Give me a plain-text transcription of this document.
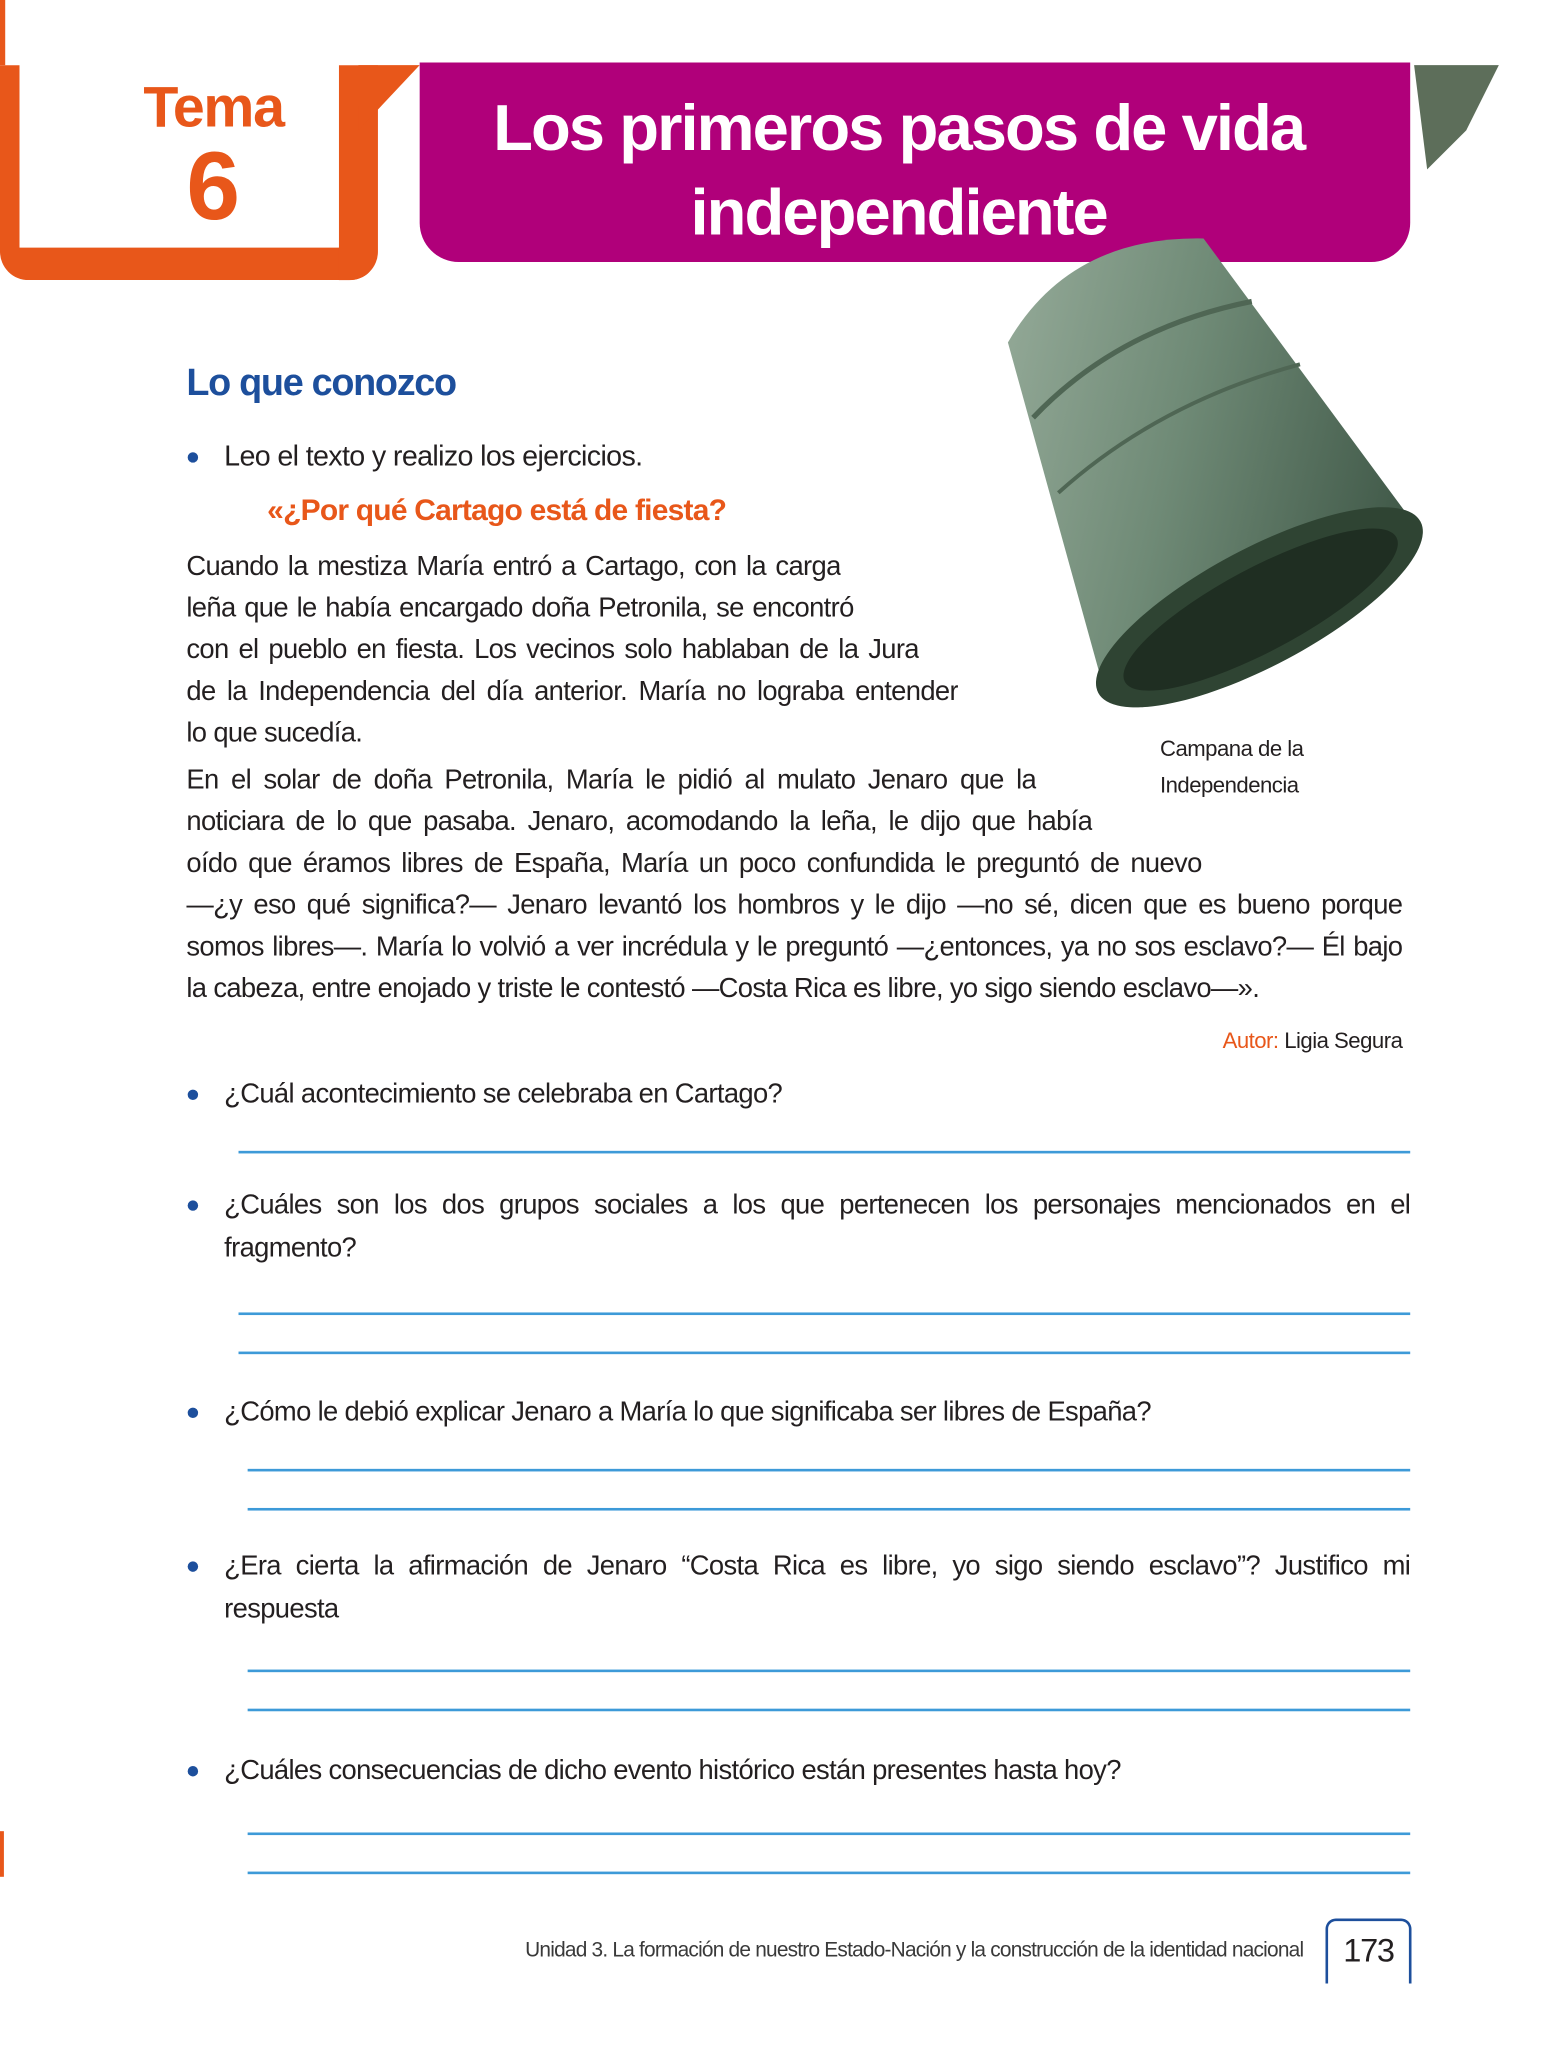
Tema
6
Los primeros pasos de vida
independiente
Lo que conozco
Leo el texto y realizo los ejercicios.
«¿Por qué Cartago está de fiesta?
Cuando la mestiza María entró a Cartago, con la carga
leña que le había encargado doña Petronila, se encontró
con el pueblo en fiesta. Los vecinos solo hablaban de la Jura
de la Independencia del día anterior. María no lograba entender
lo que sucedía.
En el solar de doña Petronila, María le pidió al mulato Jenaro que la
noticiara de lo que pasaba. Jenaro, acomodando la leña, le dijo que había
oído que éramos libres de España, María un poco confundida le preguntó de nuevo
—¿y eso qué significa?— Jenaro levantó los hombros y le dijo —no sé, dicen que es bueno porque
somos libres—. María lo volvió a ver incrédula y le preguntó —¿entonces, ya no sos esclavo?— Él bajo
la cabeza, entre enojado y triste le contestó —Costa Rica es libre, yo sigo siendo esclavo—».
Campana de la
Independencia
Autor: Ligia Segura
¿Cuál acontecimiento se celebraba en Cartago?
¿Cuáles son los dos grupos sociales a los que pertenecen los personajes mencionados en el
fragmento?
¿Cómo le debió explicar Jenaro a María lo que significaba ser libres de España?
¿Era cierta la afirmación de Jenaro “Costa Rica es libre, yo sigo siendo esclavo”? Justifico mi
respuesta
¿Cuáles consecuencias de dicho evento histórico están presentes hasta hoy?
Unidad 3. La formación de nuestro Estado-Nación y la construcción de la identidad nacional	173
